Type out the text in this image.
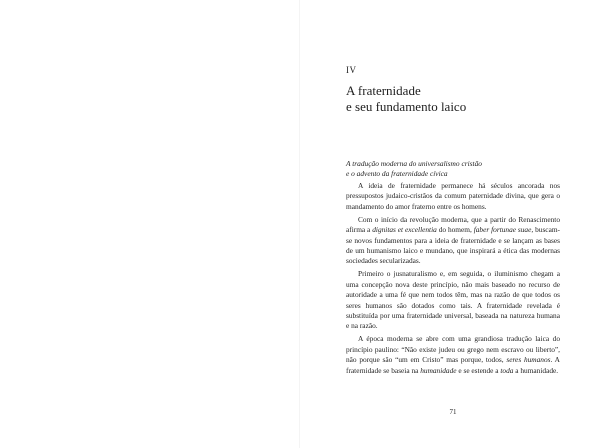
IV
A fraternidade
e seu fundamento laico
A tradução moderna do universalismo cristão
e o advento da fraternidade cívica

A ideia de fraternidade permanece há séculos ancorada nos pressupostos judaico-cristãos da comum paternidade divina, que gera o mandamento do amor fraterno entre os homens.

Com o início da revolução moderna, que a partir do Renascimento afirma a dignitas et excellentia do homem, faber fortunae suae, buscam-se novos fundamentos para a ideia de fraternidade e se lançam as bases de um humanismo laico e mundano, que inspirará a ética das modernas sociedades secularizadas.

Primeiro o jusnaturalismo e, em seguida, o iluminismo chegam a uma concepção nova deste princípio, não mais baseado no recurso de autoridade a uma fé que nem todos têm, mas na razão de que todos os seres humanos são dotados como tais. A fraternidade revelada é substituída por uma fraternidade universal, baseada na natureza humana e na razão.

A época moderna se abre com uma grandiosa tradução laica do princípio paulino: “Não existe judeu ou grego nem escravo ou liberto”, não porque são “um em Cristo” mas porque, todos, seres humanos. A fraternidade se baseia na humanidade e se estende a toda a humanidade.

71
